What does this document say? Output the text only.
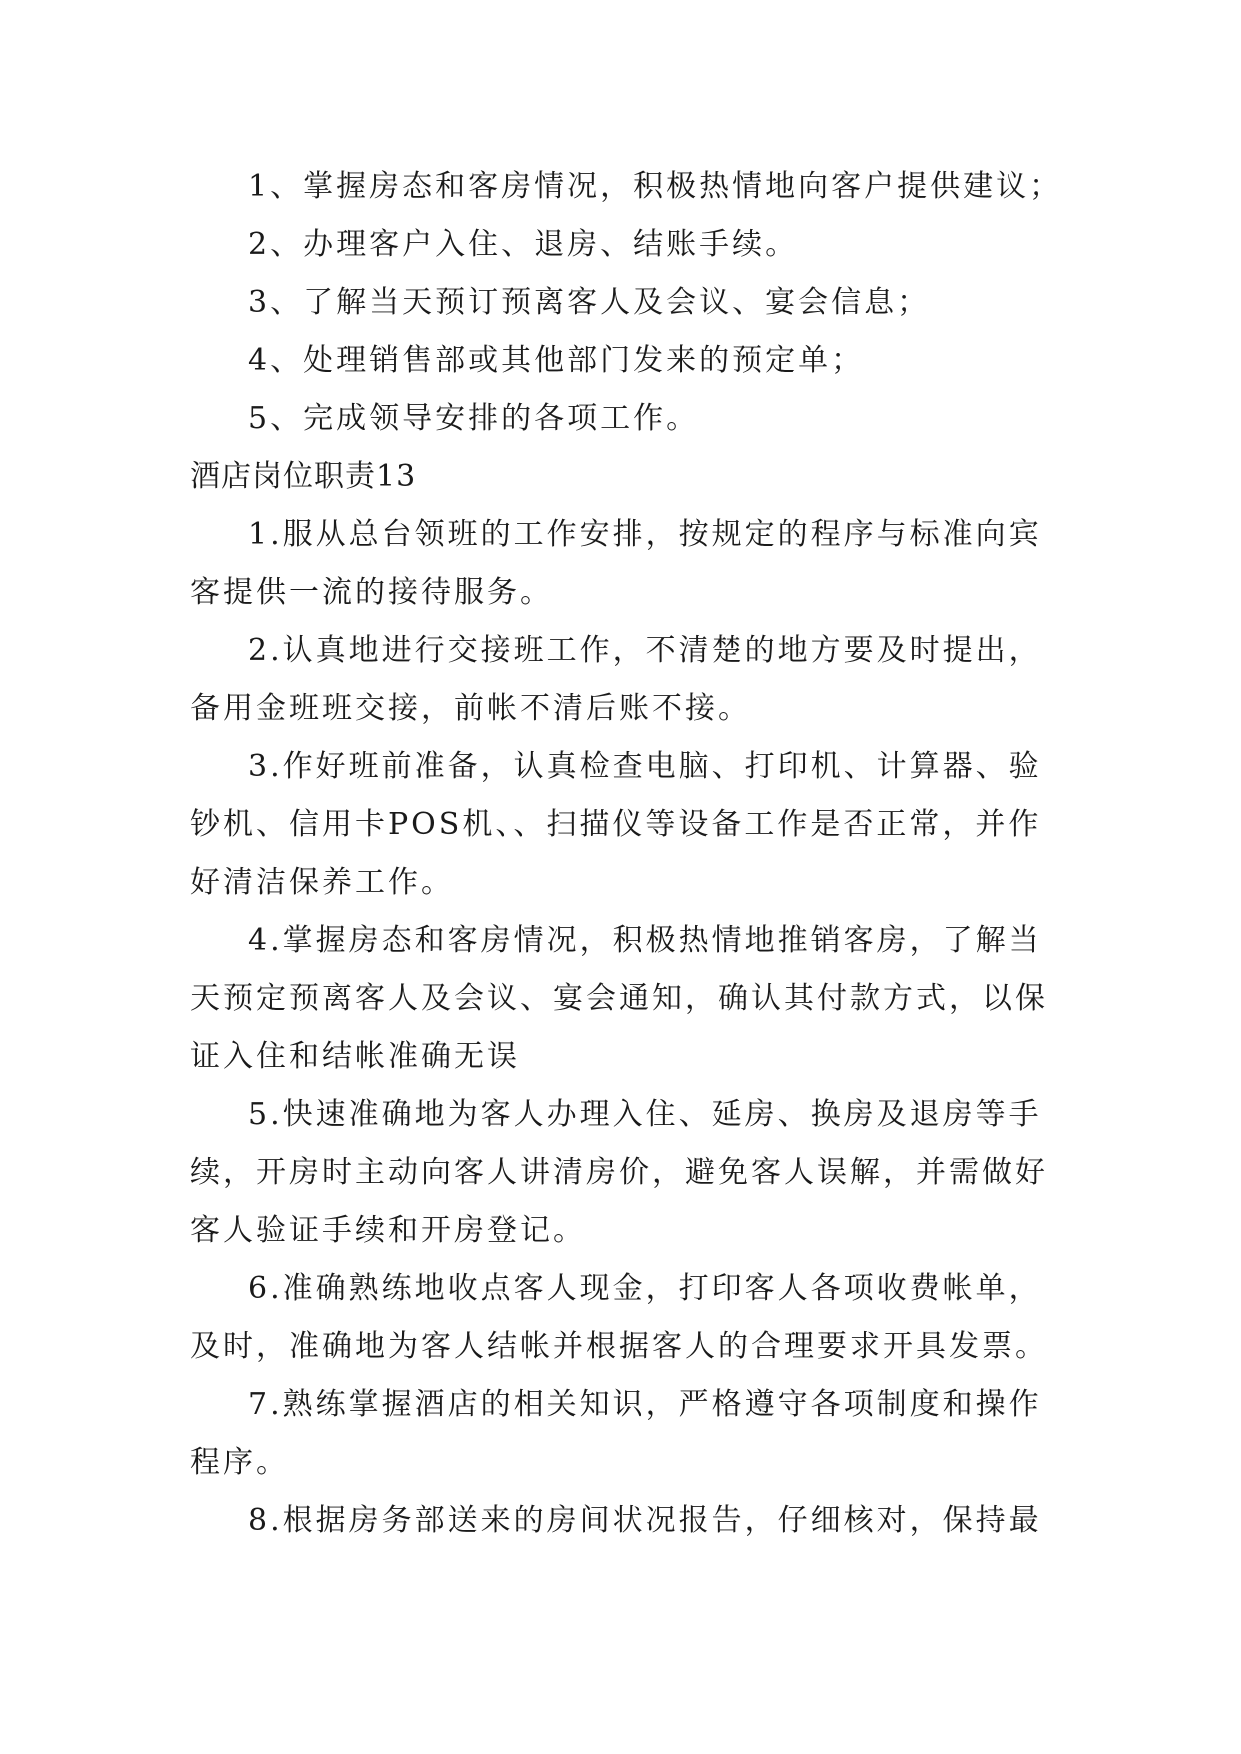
1、掌握房态和客房情况，积极热情地向客户提供建议；
2、办理客户入住、退房、结账手续。
3、了解当天预订预离客人及会议、宴会信息；
4、处理销售部或其他部门发来的预定单；
5、完成领导安排的各项工作。
酒店岗位职责13
1.服从总台领班的工作安排，按规定的程序与标准向宾
客提供一流的接待服务。
2.认真地进行交接班工作，不清楚的地方要及时提出，
备用金班班交接，前帐不清后账不接。
3.作好班前准备，认真检查电脑、打印机、计算器、验
钞机、信用卡POS机、、扫描仪等设备工作是否正常，并作
好清洁保养工作。
4.掌握房态和客房情况，积极热情地推销客房，了解当
天预定预离客人及会议、宴会通知，确认其付款方式，以保
证入住和结帐准确无误
5.快速准确地为客人办理入住、延房、换房及退房等手
续，开房时主动向客人讲清房价，避免客人误解，并需做好
客人验证手续和开房登记。
6.准确熟练地收点客人现金，打印客人各项收费帐单，
及时，准确地为客人结帐并根据客人的合理要求开具发票。
7.熟练掌握酒店的相关知识，严格遵守各项制度和操作
程序。
8.根据房务部送来的房间状况报告，仔细核对，保持最
